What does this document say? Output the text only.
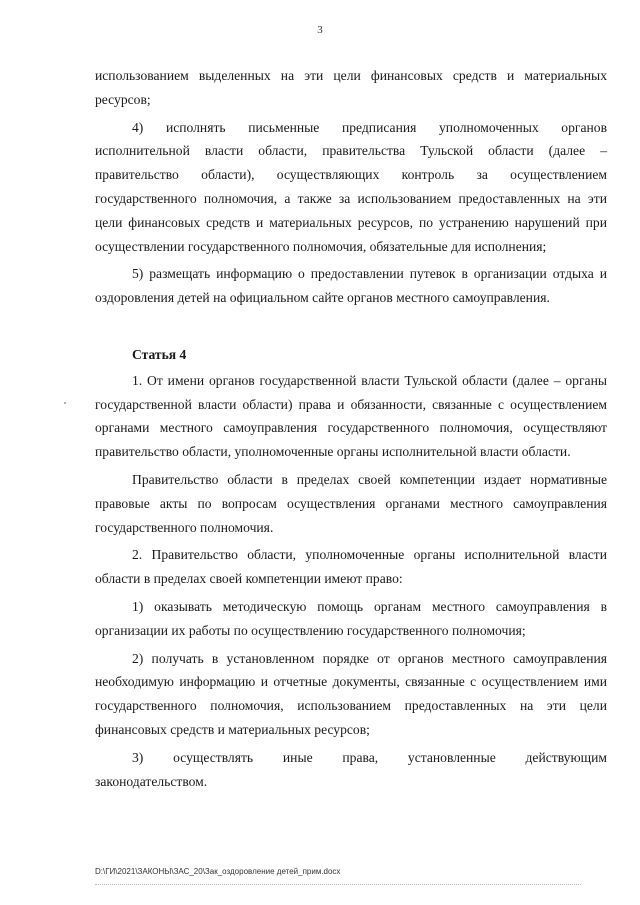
3

использованием выделенных на эти цели финансовых средств и материальных ресурсов;

4) исполнять письменные предписания уполномоченных органов исполнительной власти области, правительства Тульской области (далее – правительство области), осуществляющих контроль за осуществлением государственного полномочия, а также за использованием предоставленных на эти цели финансовых средств и материальных ресурсов, по устранению нарушений при осуществлении государственного полномочия, обязательные для исполнения;

5) размещать информацию о предоставлении путевок в организации отдыха и оздоровления детей на официальном сайте органов местного самоуправления.

Статья 4

1. От имени органов государственной власти Тульской области (далее – органы государственной власти области) права и обязанности, связанные с осуществлением органами местного самоуправления государственного полномочия, осуществляют правительство области, уполномоченные органы исполнительной власти области.

Правительство области в пределах своей компетенции издает нормативные правовые акты по вопросам осуществления органами местного самоуправления государственного полномочия.

2. Правительство области, уполномоченные органы исполнительной власти области в пределах своей компетенции имеют право:

1) оказывать методическую помощь органам местного самоуправления в организации их работы по осуществлению государственного полномочия;

2) получать в установленном порядке от органов местного самоуправления необходимую информацию и отчетные документы, связанные с осуществлением ими государственного полномочия, использованием предоставленных на эти цели финансовых средств и материальных ресурсов;

3) осуществлять иные права, установленные действующим

законодательством.

D:\ГИ\2021\ЗАКОНЫ\ЗАС_20\Зак_оздоровление детей_прим.docx
